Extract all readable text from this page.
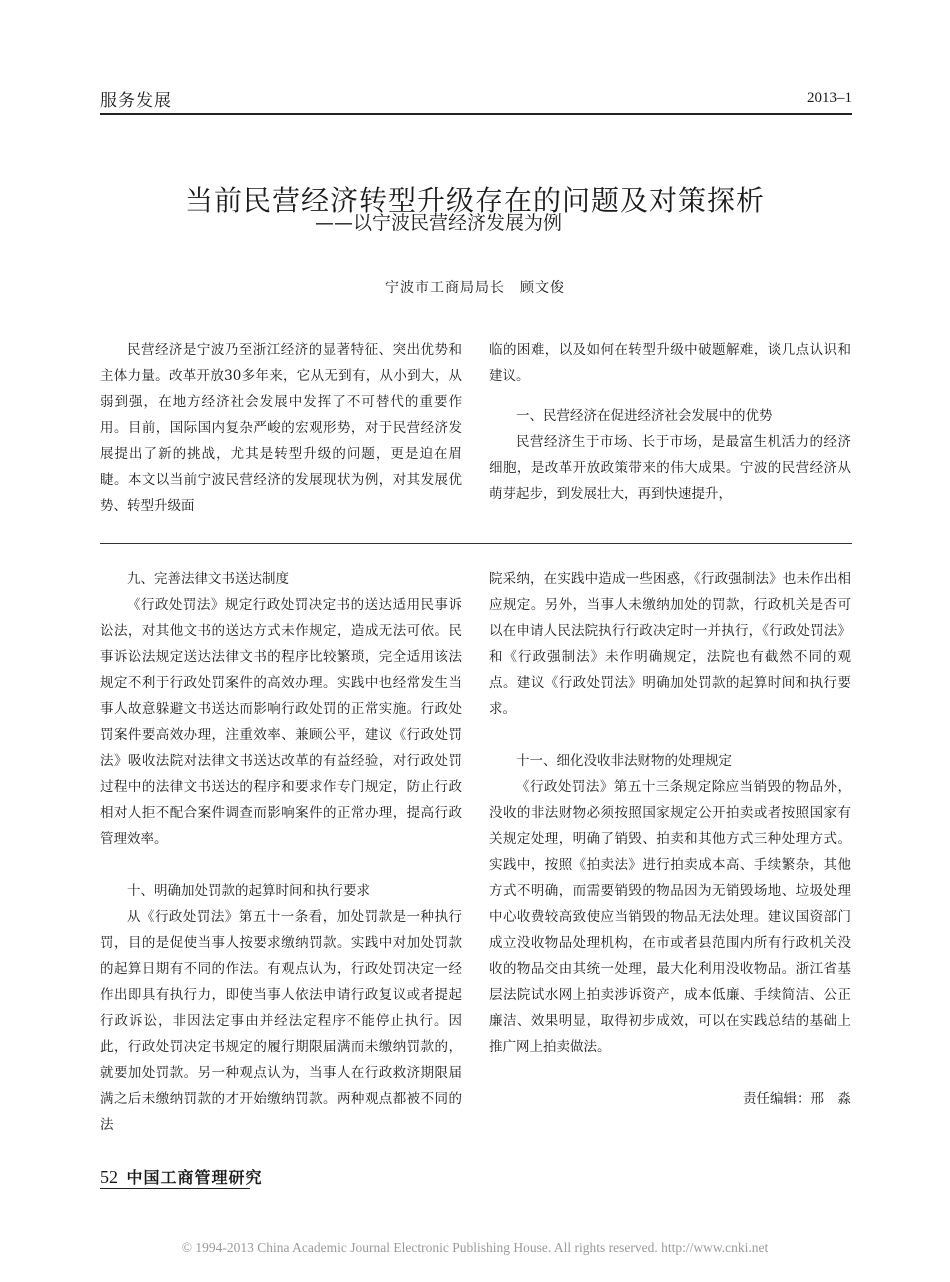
服务发展	2013–1
当前民营经济转型升级存在的问题及对策探析
——以宁波民营经济发展为例
宁波市工商局局长　顾文俊

民营经济是宁波乃至浙江经济的显著特征、突出优势和主体力量。改革开放30多年来，它从无到有，从小到大，从弱到强，在地方经济社会发展中发挥了不可替代的重要作用。目前，国际国内复杂严峻的宏观形势，对于民营经济发展提出了新的挑战，尤其是转型升级的问题，更是迫在眉睫。本文以当前宁波民营经济的发展现状为例，对其发展优势、转型升级面

临的困难，以及如何在转型升级中破题解难，谈几点认识和建议。

一、民营经济在促进经济社会发展中的优势

民营经济生于市场、长于市场，是最富生机活力的经济细胞，是改革开放政策带来的伟大成果。宁波的民营经济从萌芽起步，到发展壮大，再到快速提升，

九、完善法律文书送达制度

《行政处罚法》规定行政处罚决定书的送达适用民事诉讼法，对其他文书的送达方式未作规定，造成无法可依。民事诉讼法规定送达法律文书的程序比较繁琐，完全适用该法规定不利于行政处罚案件的高效办理。实践中也经常发生当事人故意躲避文书送达而影响行政处罚的正常实施。行政处罚案件要高效办理，注重效率、兼顾公平，建议《行政处罚法》吸收法院对法律文书送达改革的有益经验，对行政处罚过程中的法律文书送达的程序和要求作专门规定，防止行政相对人拒不配合案件调查而影响案件的正常办理，提高行政管理效率。

十、明确加处罚款的起算时间和执行要求

从《行政处罚法》第五十一条看，加处罚款是一种执行罚，目的是促使当事人按要求缴纳罚款。实践中对加处罚款的起算日期有不同的作法。有观点认为，行政处罚决定一经作出即具有执行力，即使当事人依法申请行政复议或者提起行政诉讼，非因法定事由并经法定程序不能停止执行。因此，行政处罚决定书规定的履行期限届满而未缴纳罚款的，就要加处罚款。另一种观点认为，当事人在行政救济期限届满之后未缴纳罚款的才开始缴纳罚款。两种观点都被不同的法

院采纳，在实践中造成一些困惑，《行政强制法》也未作出相应规定。另外，当事人未缴纳加处的罚款，行政机关是否可以在申请人民法院执行行政决定时一并执行，《行政处罚法》和《行政强制法》未作明确规定，法院也有截然不同的观点。建议《行政处罚法》明确加处罚款的起算时间和执行要求。

十一、细化没收非法财物的处理规定

《行政处罚法》第五十三条规定除应当销毁的物品外，没收的非法财物必须按照国家规定公开拍卖或者按照国家有关规定处理，明确了销毁、拍卖和其他方式三种处理方式。实践中，按照《拍卖法》进行拍卖成本高、手续繁杂，其他方式不明确，而需要销毁的物品因为无销毁场地、垃圾处理中心收费较高致使应当销毁的物品无法处理。建议国资部门成立没收物品处理机构，在市或者县范围内所有行政机关没收的物品交由其统一处理，最大化利用没收物品。浙江省基层法院试水网上拍卖涉诉资产，成本低廉、手续简洁、公正廉洁、效果明显，取得初步成效，可以在实践总结的基础上推广网上拍卖做法。

责任编辑：邢　淼

52 中国工商管理研究
© 1994-2013 China Academic Journal Electronic Publishing House. All rights reserved. http://www.cnki.net
